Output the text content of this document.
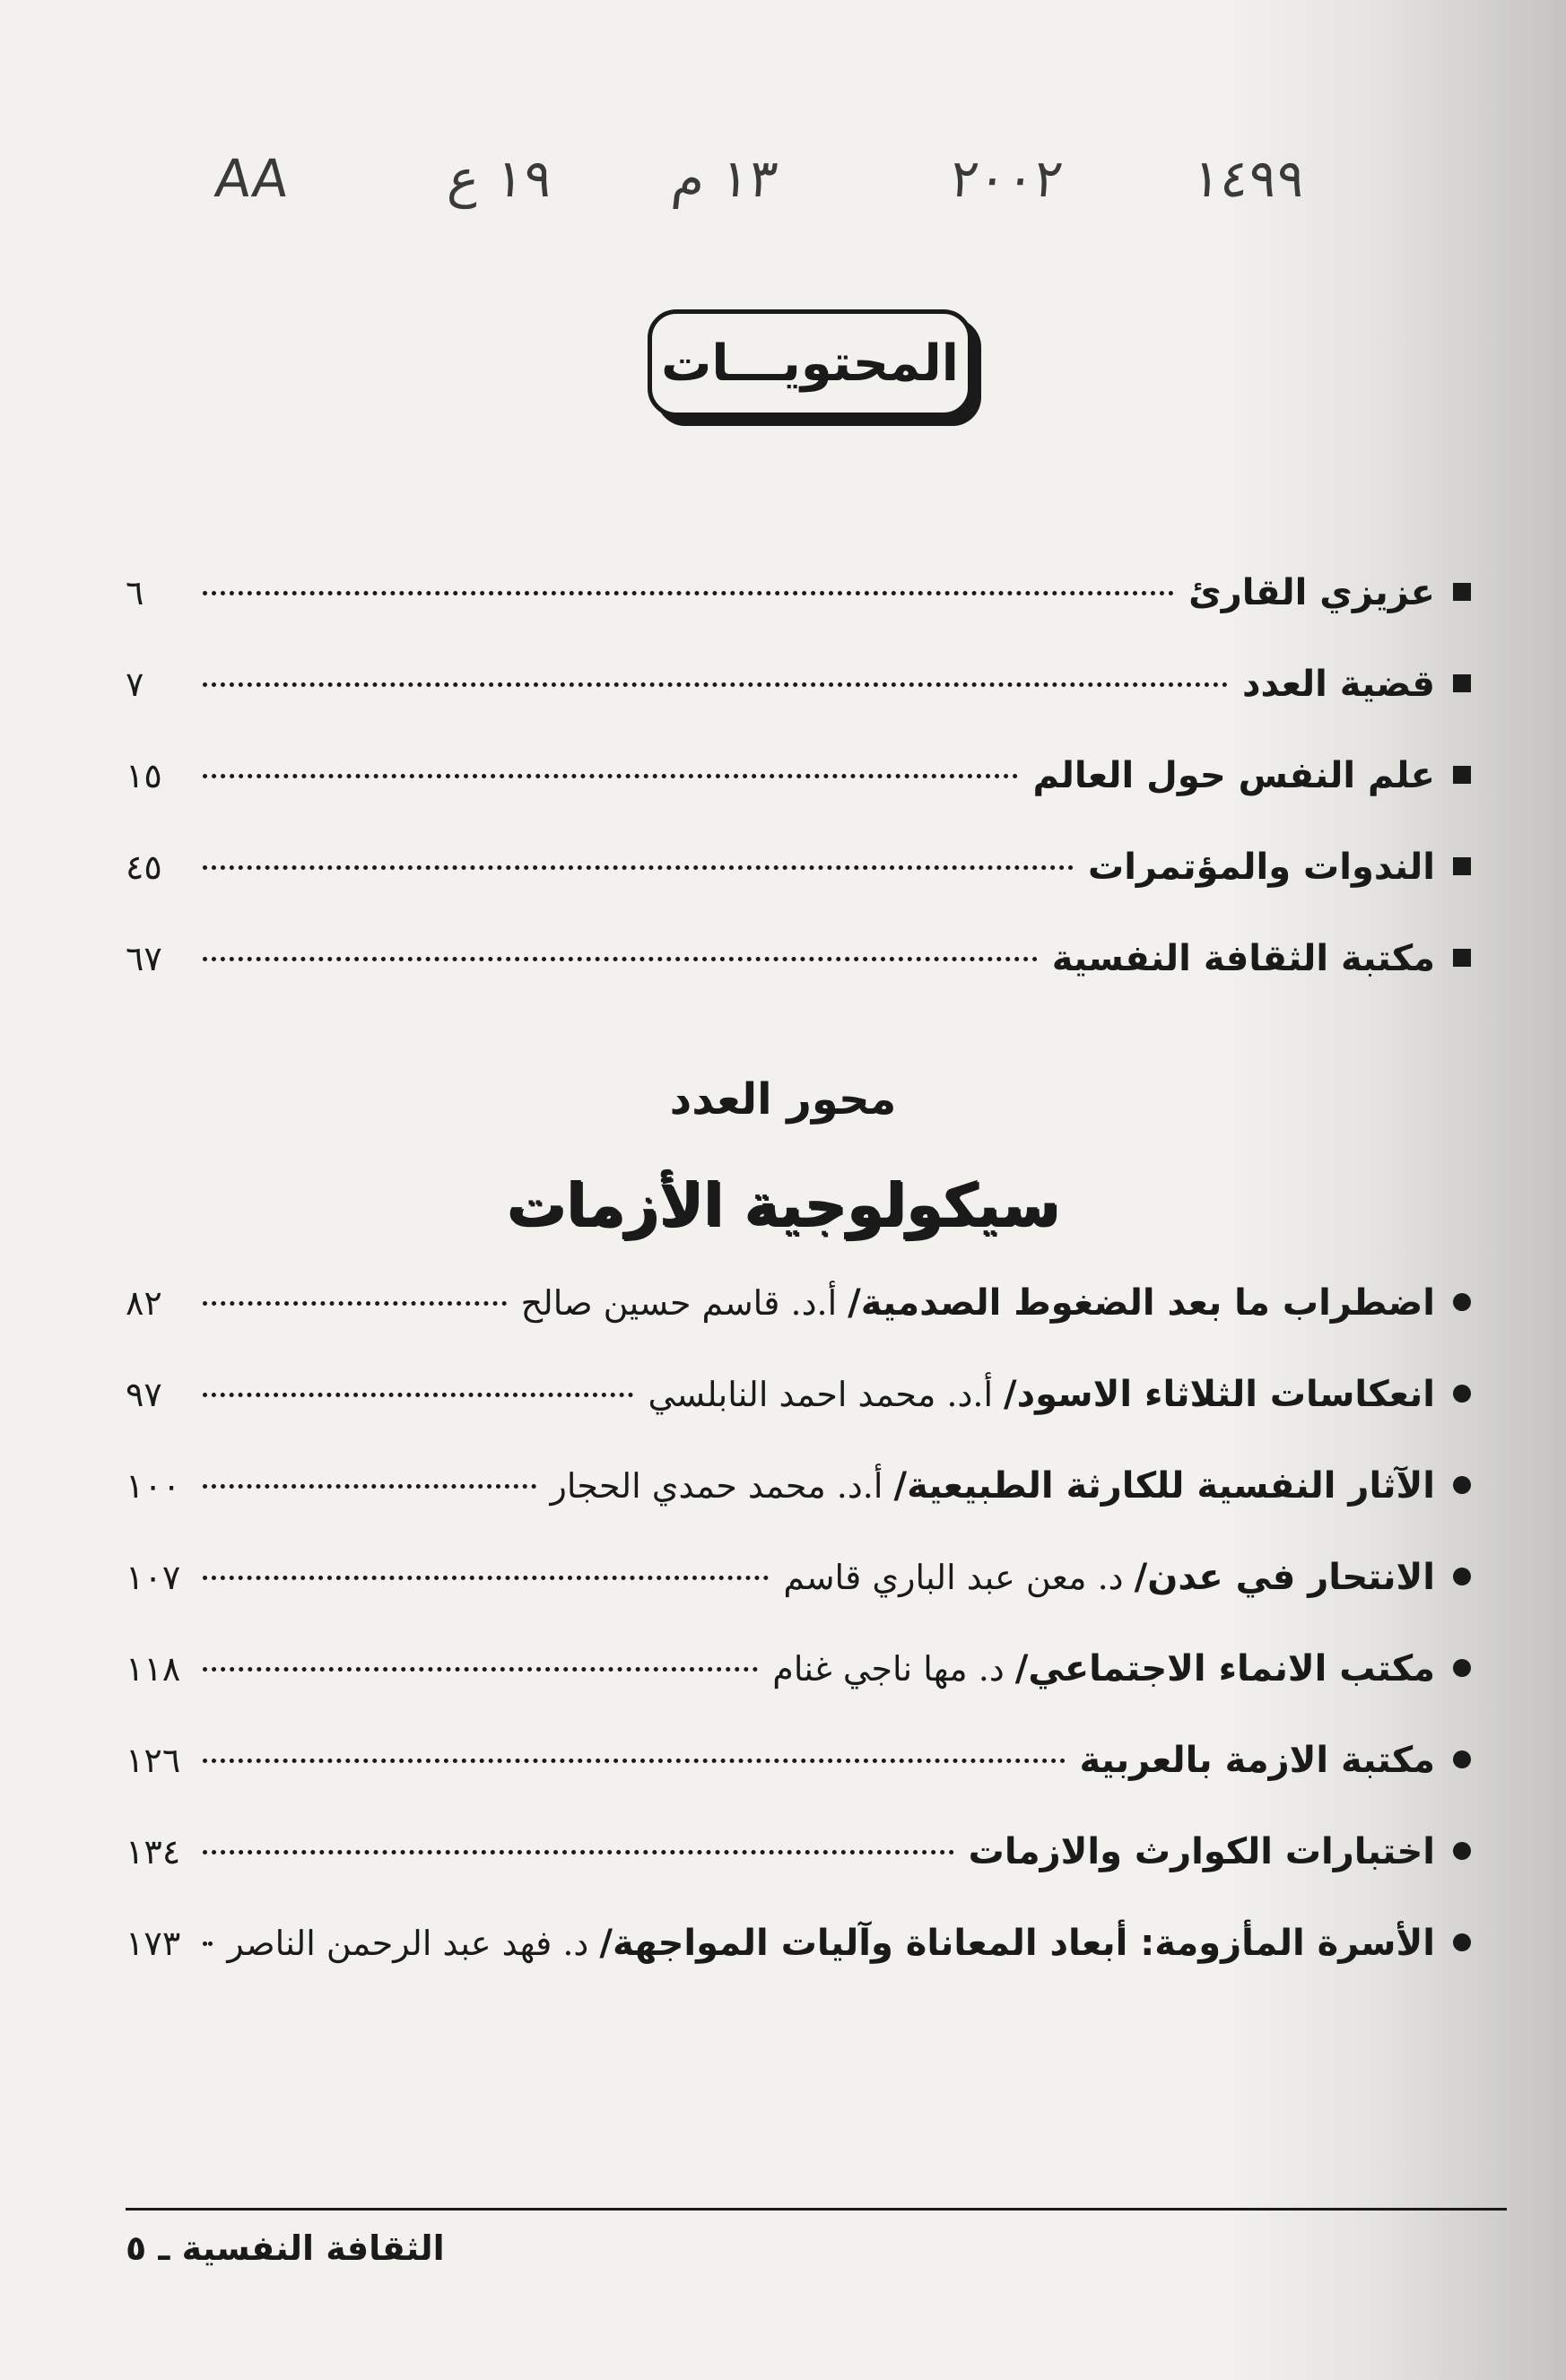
١٤٩٩
٢٠٠٢
١٣ م
١٩ ع
AA
المحتويـــات
عزيزي القارئ
٦
قضية العدد
٧
علم النفس حول العالم
١٥
الندوات والمؤتمرات
٤٥
مكتبة الثقافة النفسية
٦٧
محور العدد
سيكولوجية الأزمات
اضطراب ما بعد الضغوط الصدمية/
أ.د. قاسم حسين صالح
٨٢
انعكاسات الثلاثاء الاسود/
أ.د. محمد احمد النابلسي
٩٧
الآثار النفسية للكارثة الطبيعية/
أ.د. محمد حمدي الحجار
١٠٠
الانتحار في عدن/
د. معن عبد الباري قاسم
١٠٧
مكتب الانماء الاجتماعي/
د. مها ناجي غنام
١١٨
مكتبة الازمة بالعربية
١٢٦
اختبارات الكوارث والازمات
١٣٤
الأسرة المأزومة: أبعاد المعاناة وآليات المواجهة/
د. فهد عبد الرحمن الناصر
١٧٣
الثقافة النفسية ـ ٥
